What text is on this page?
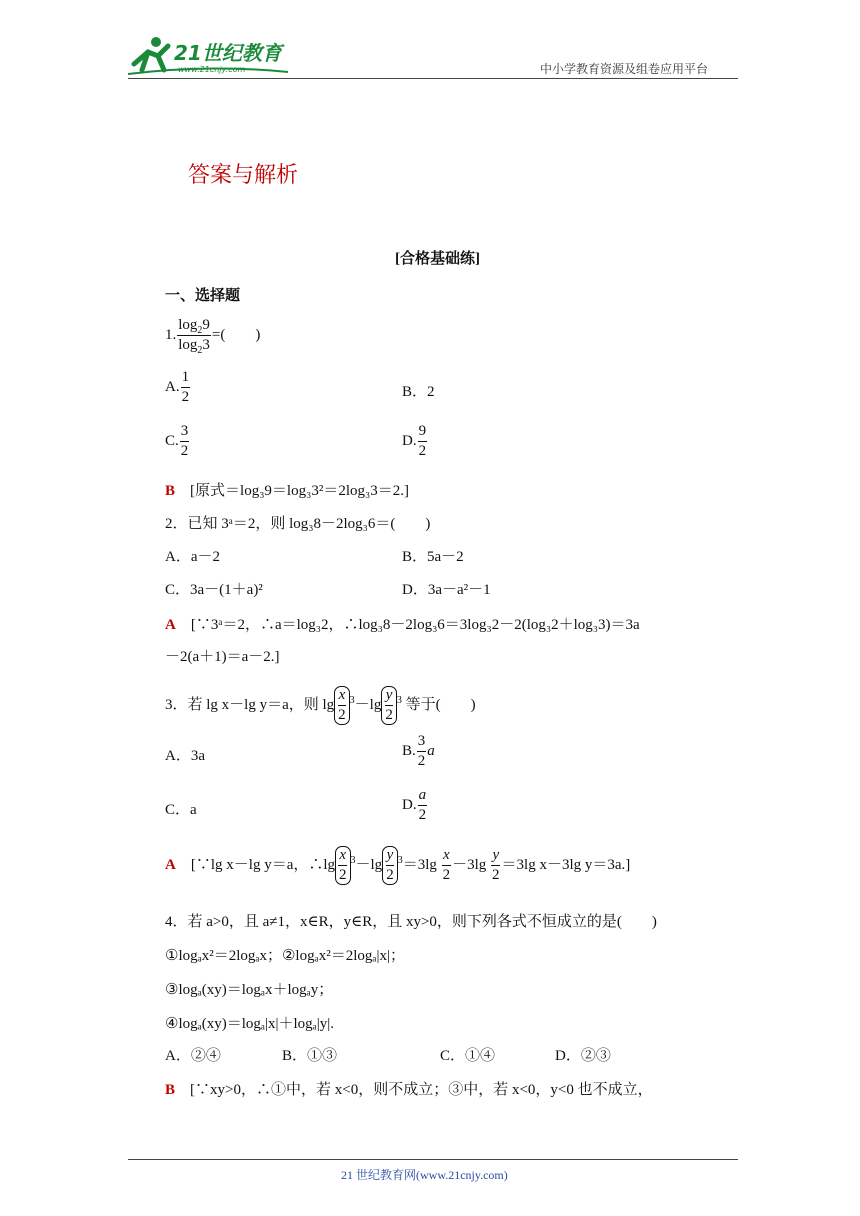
21世纪教育
www.21cnjy.com	中小学教育资源及组卷应用平台
答案与解析
[合格基础练]
一、选择题
1. $\frac{\log_29}{\log_23}$ =(　　)
A. $\frac{1}{2}$	B．2
C. $\frac{3}{2}$	D. $\frac{9}{2}$
B　 [原式＝log₃9＝log₃3²＝2log₃3＝2.]
2．已知 3ᵃ＝2，则 log₃8－2log₃6＝(　　)
A．a－2	B．5a－2
C．3a－(1＋a)²	D．3a－a²－1
A　 [∵3ᵃ＝2，∴a＝log₃2，∴log₃8－2log₃6＝3log₃2－2(log₃2＋log₃3)＝3a
－2(a＋1)＝a－2.]
3．若 lg x－lg y＝a，则 $\lg \frac{x}{2} ^3-\lg \frac{y}{2} ^3$ 等于(　　)
A．3a	B. $\frac{3}{2}$ a
C．a	D. $\frac{a}{2}$
A　 [∵lg x－lg y＝a，∴lg $\frac{x}{2} ^3-\lg \frac{y}{2} ^3=3\lg \frac{x}{2} -3\lg \frac{y}{2} =3\lg$ x－3lg y＝3a.]
4．若 a>0，且 a≠1，x∈R，y∈R，且 xy>0，则下列各式不恒成立的是(　　)
①logₐx²＝2logₐx；②logₐx²＝2logₐ|x|；
③logₐ(xy)＝logₐx＋logₐy；
④logₐ(xy)＝logₐ|x|＋logₐ|y|.
A．②④	B．①③	C．①④	D．②③
B　 [∵xy>0，∴①中，若 x<0，则不成立；③中，若 x<0，y<0 也不成立，
21 世纪教育网(www.21cnjy.com)
